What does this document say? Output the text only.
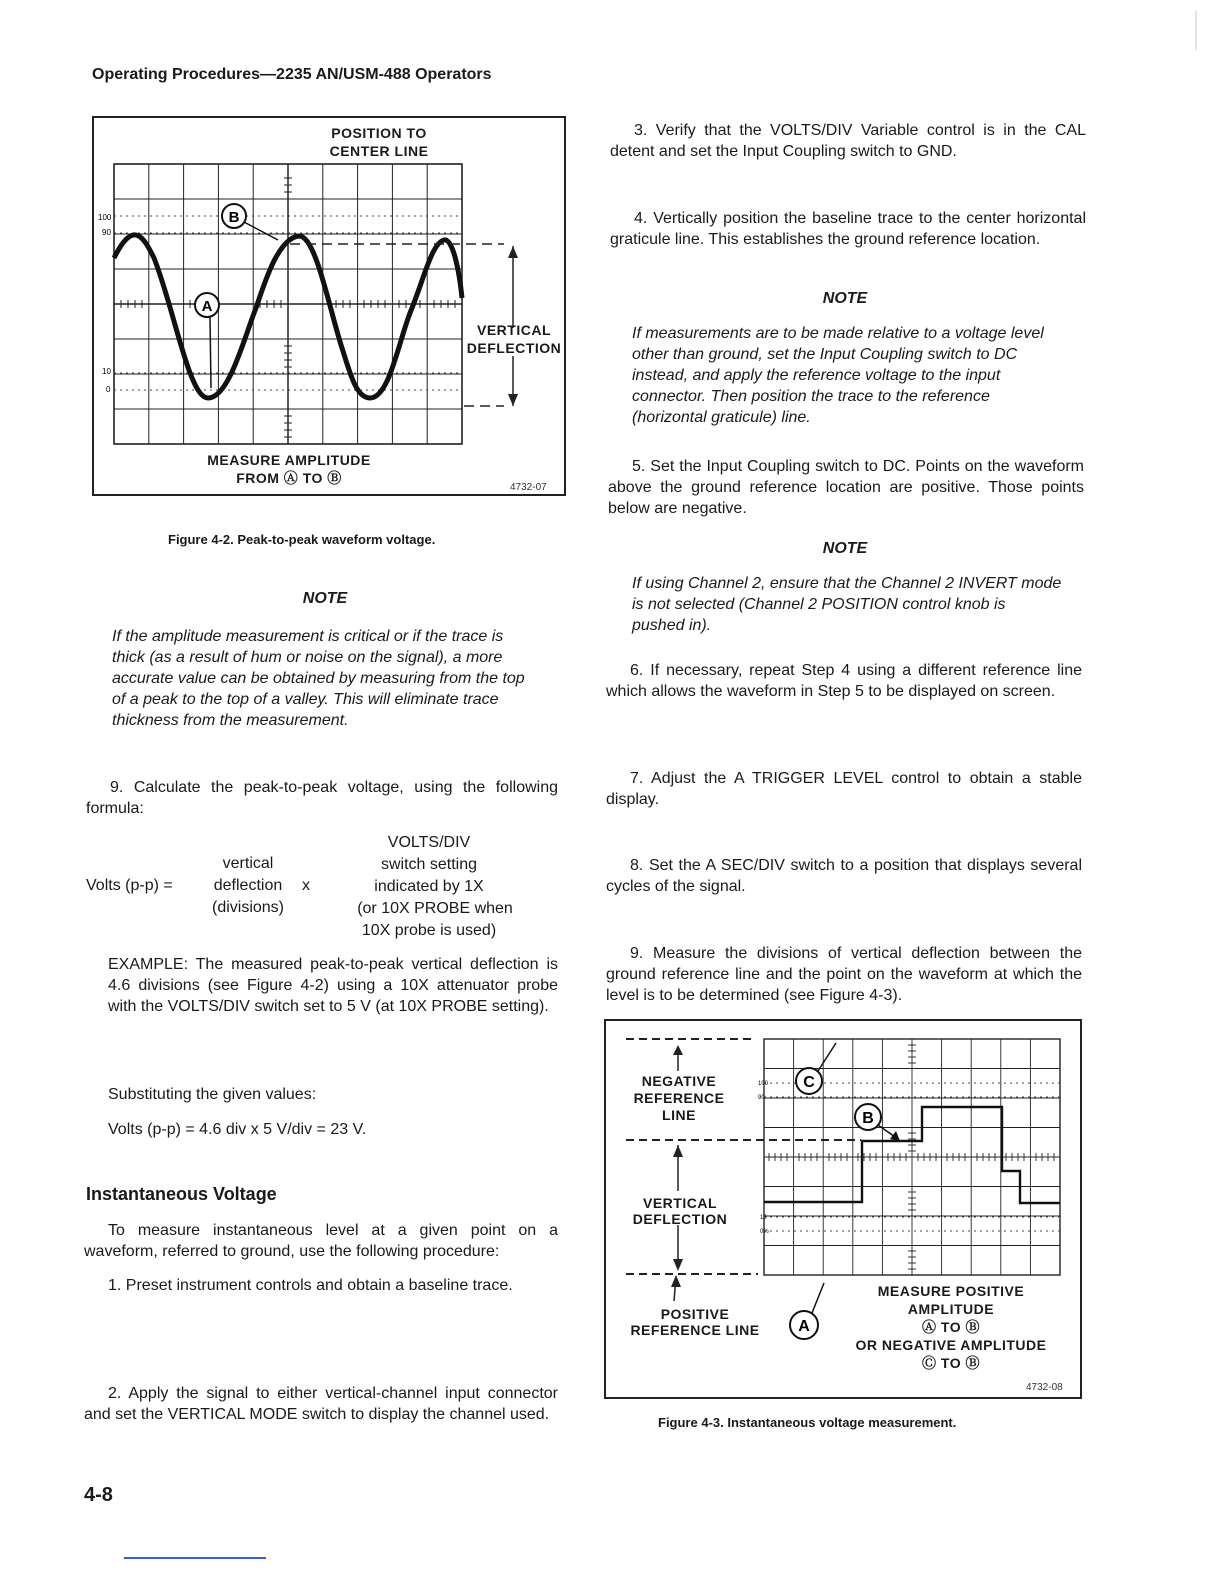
Operating Procedures—2235 AN/USM-488 Operators
POSITION TO
CENTER LINE
B
A
100
90
10
0
VERTICAL
DEFLECTION
MEASURE AMPLITUDE
FROM Ⓐ TO Ⓑ
4732-07
Figure 4-2. Peak-to-peak waveform voltage.
NOTE
If the amplitude measurement is critical or if the trace is thick (as a result of hum or noise on the signal), a more accurate value can be obtained by measuring from the top of a peak to the top of a valley. This will eliminate trace thickness from the measurement.
9. Calculate the peak-to-peak voltage, using the following formula:
VOLTS/DIV
vertical	switch setting
Volts (p-p) =	deflection	x	indicated by 1X
(divisions)	(or 10X PROBE when
10X probe is used)
EXAMPLE: The measured peak-to-peak vertical deflection is 4.6 divisions (see Figure 4-2) using a 10X attenuator probe with the VOLTS/DIV switch set to 5 V (at 10X PROBE setting).
Substituting the given values:
Volts (p-p) = 4.6 div x 5 V/div = 23 V.
Instantaneous Voltage
To measure instantaneous level at a given point on a waveform, referred to ground, use the following procedure:
1. Preset instrument controls and obtain a baseline trace.
2. Apply the signal to either vertical-channel input connector and set the VERTICAL MODE switch to display the channel used.
4-8
3. Verify that the VOLTS/DIV Variable control is in the CAL detent and set the Input Coupling switch to GND.
4. Vertically position the baseline trace to the center horizontal graticule line. This establishes the ground reference location.
NOTE
If measurements are to be made relative to a voltage level other than ground, set the Input Coupling switch to DC instead, and apply the reference voltage to the input connector. Then position the trace to the reference (horizontal graticule) line.
5. Set the Input Coupling switch to DC. Points on the waveform above the ground reference location are positive. Those points below are negative.
NOTE
If using Channel 2, ensure that the Channel 2 INVERT mode is not selected (Channel 2 POSITION control knob is pushed in).
6. If necessary, repeat Step 4 using a different reference line which allows the waveform in Step 5 to be displayed on screen.
7. Adjust the A TRIGGER LEVEL control to obtain a stable display.
8. Set the A SEC/DIV switch to a position that displays several cycles of the signal.
9. Measure the divisions of vertical deflection between the ground reference line and the point on the waveform at which the level is to be determined (see Figure 4-3).
C
B
A
100
90
10
0%
NEGATIVE
REFERENCE
LINE
VERTICAL
DEFLECTION
POSITIVE
REFERENCE LINE
MEASURE POSITIVE
AMPLITUDE
Ⓐ TO Ⓑ
OR NEGATIVE AMPLITUDE
Ⓒ TO Ⓑ
4732-08
Figure 4-3. Instantaneous voltage measurement.
